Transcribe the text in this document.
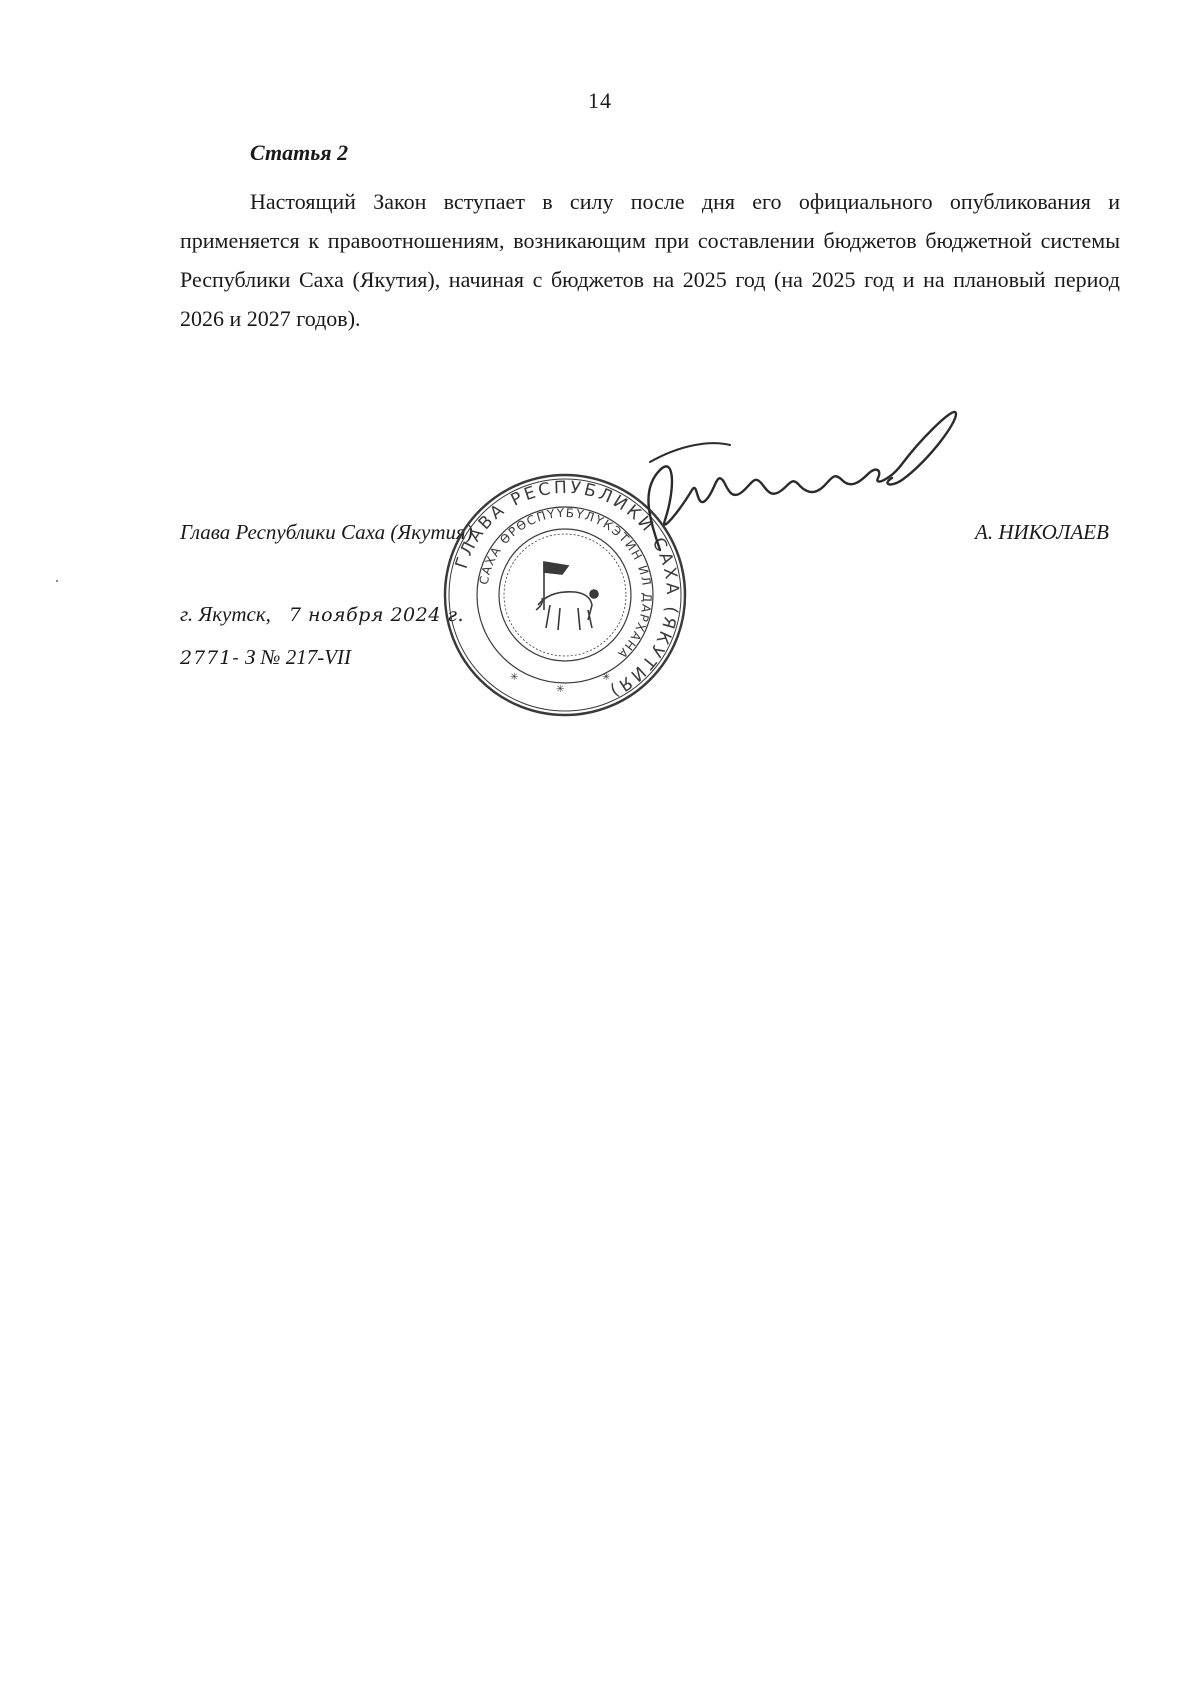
14
Статья 2

Настоящий Закон вступает в силу после дня его официального опубликования и применяется к правоотношениям, возникающим при составлении бюджетов бюджетной системы Республики Саха (Якутия), начиная с бюджетов на 2025 год (на 2025 год и на плановый период 2026 и 2027 годов).

Глава Республики Саха (Якутия)	А. НИКОЛАЕВ
г. Якутск, 7 ноября 2024 г.
2771- З № 217-VII
ГЛАВА РЕСПУБЛИКИ САХА (ЯКУТИЯ)
САХА ӨРӨСПҮҮБҮЛҮКЭТИН ИЛ ДАРХАНА
✳
✳
✳
